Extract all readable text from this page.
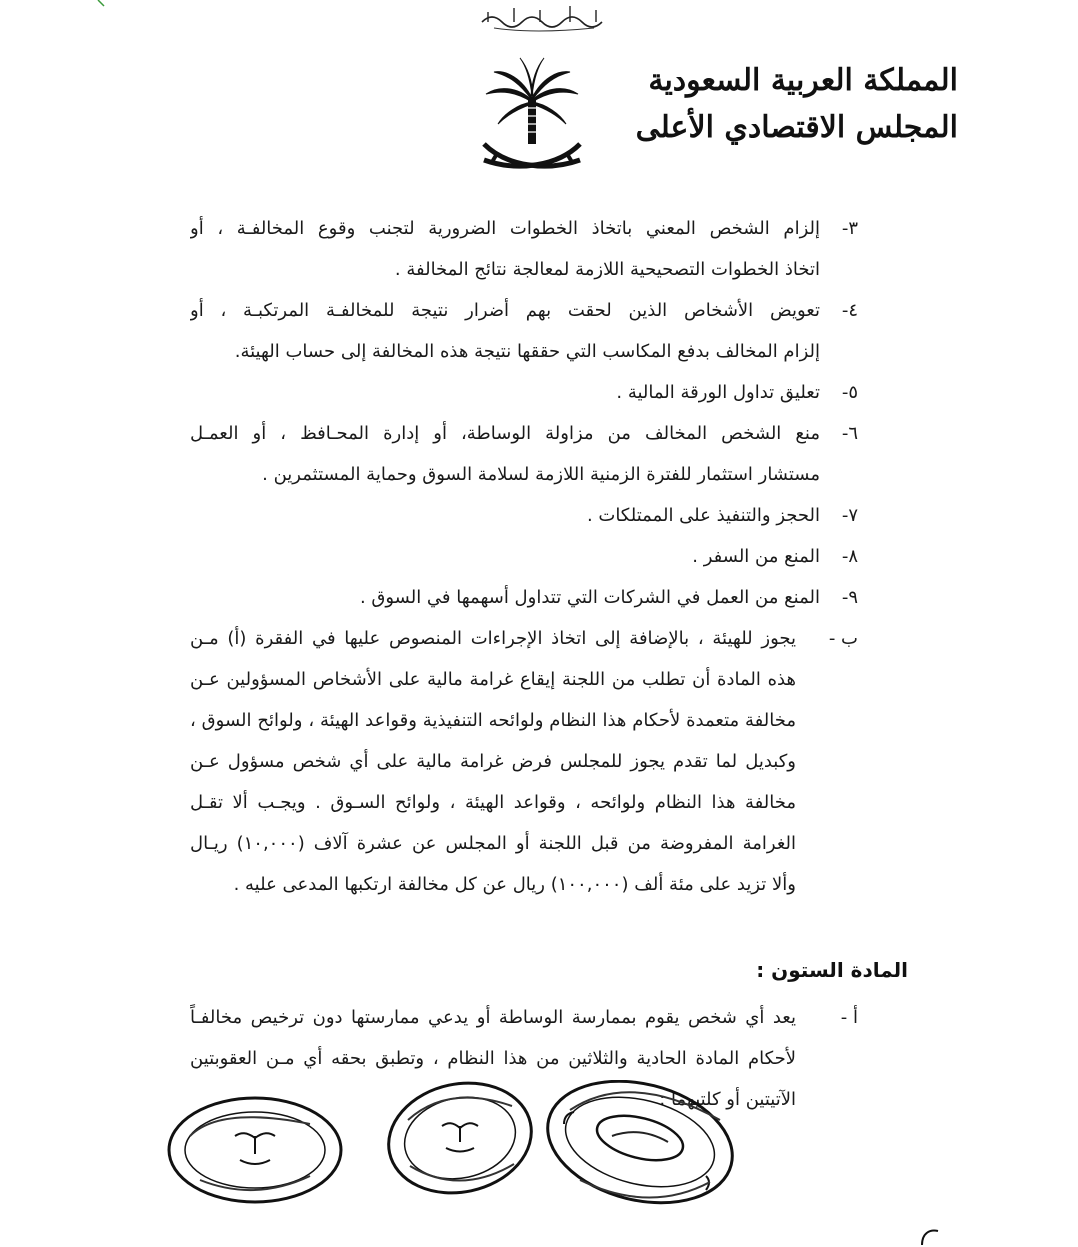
المملكة العربية السعودية
المجلس الاقتصادي الأعلى
٣-
إلزام الشخص المعني باتخاذ الخطوات الضرورية لتجنب وقوع المخالفـة ، أو
اتخاذ الخطوات التصحيحية اللازمة لمعالجة نتائج المخالفة .
٤-
تعويض الأشخاص الذين لحقت بهم أضرار نتيجة للمخالفـة المرتكبـة ، أو
إلزام المخالف بدفع المكاسب التي حققها نتيجة هذه المخالفة إلى حساب الهيئة.
٥-
تعليق تداول الورقة المالية .
٦-
منع الشخص المخالف من مزاولة الوساطة، أو إدارة المحـافظ ، أو العمـل
مستشار استثمار للفترة الزمنية اللازمة لسلامة السوق وحماية المستثمرين .
٧-
الحجز والتنفيذ على الممتلكات .
٨-
المنع من السفر .
٩-
المنع من العمل في الشركات التي تتداول أسهمها في السوق .
ب -
يجوز للهيئة ، بالإضافة إلى اتخاذ الإجراءات المنصوص عليها في الفقرة (أ) مـن
هذه المادة أن تطلب من اللجنة إيقاع غرامة مالية على الأشخاص المسؤولين عـن
مخالفة متعمدة لأحكام هذا النظام ولوائحه التنفيذية وقواعد الهيئة ، ولوائح السوق ،
وكبديل لما تقدم يجوز للمجلس فرض غرامة مالية على أي شخص مسؤول عـن
مخالفة هذا النظام ولوائحه ، وقواعد الهيئة ، ولوائح السـوق . ويجـب ألا تقـل
الغرامة المفروضة من قبل اللجنة أو المجلس عن عشرة آلاف (١٠,٠٠٠) ريـال
وألا تزيد على مئة ألف (١٠٠,٠٠٠) ريال عن كل مخالفة ارتكبها المدعى عليه .
المادة الستون :
أ -
يعد أي شخص يقوم بممارسة الوساطة أو يدعي ممارستها دون ترخيص مخالفـاً
لأحكام المادة الحادية والثلاثين من هذا النظام ، وتطبق بحقه أي مـن العقوبتين
الآتيتين أو كلتيهما :
